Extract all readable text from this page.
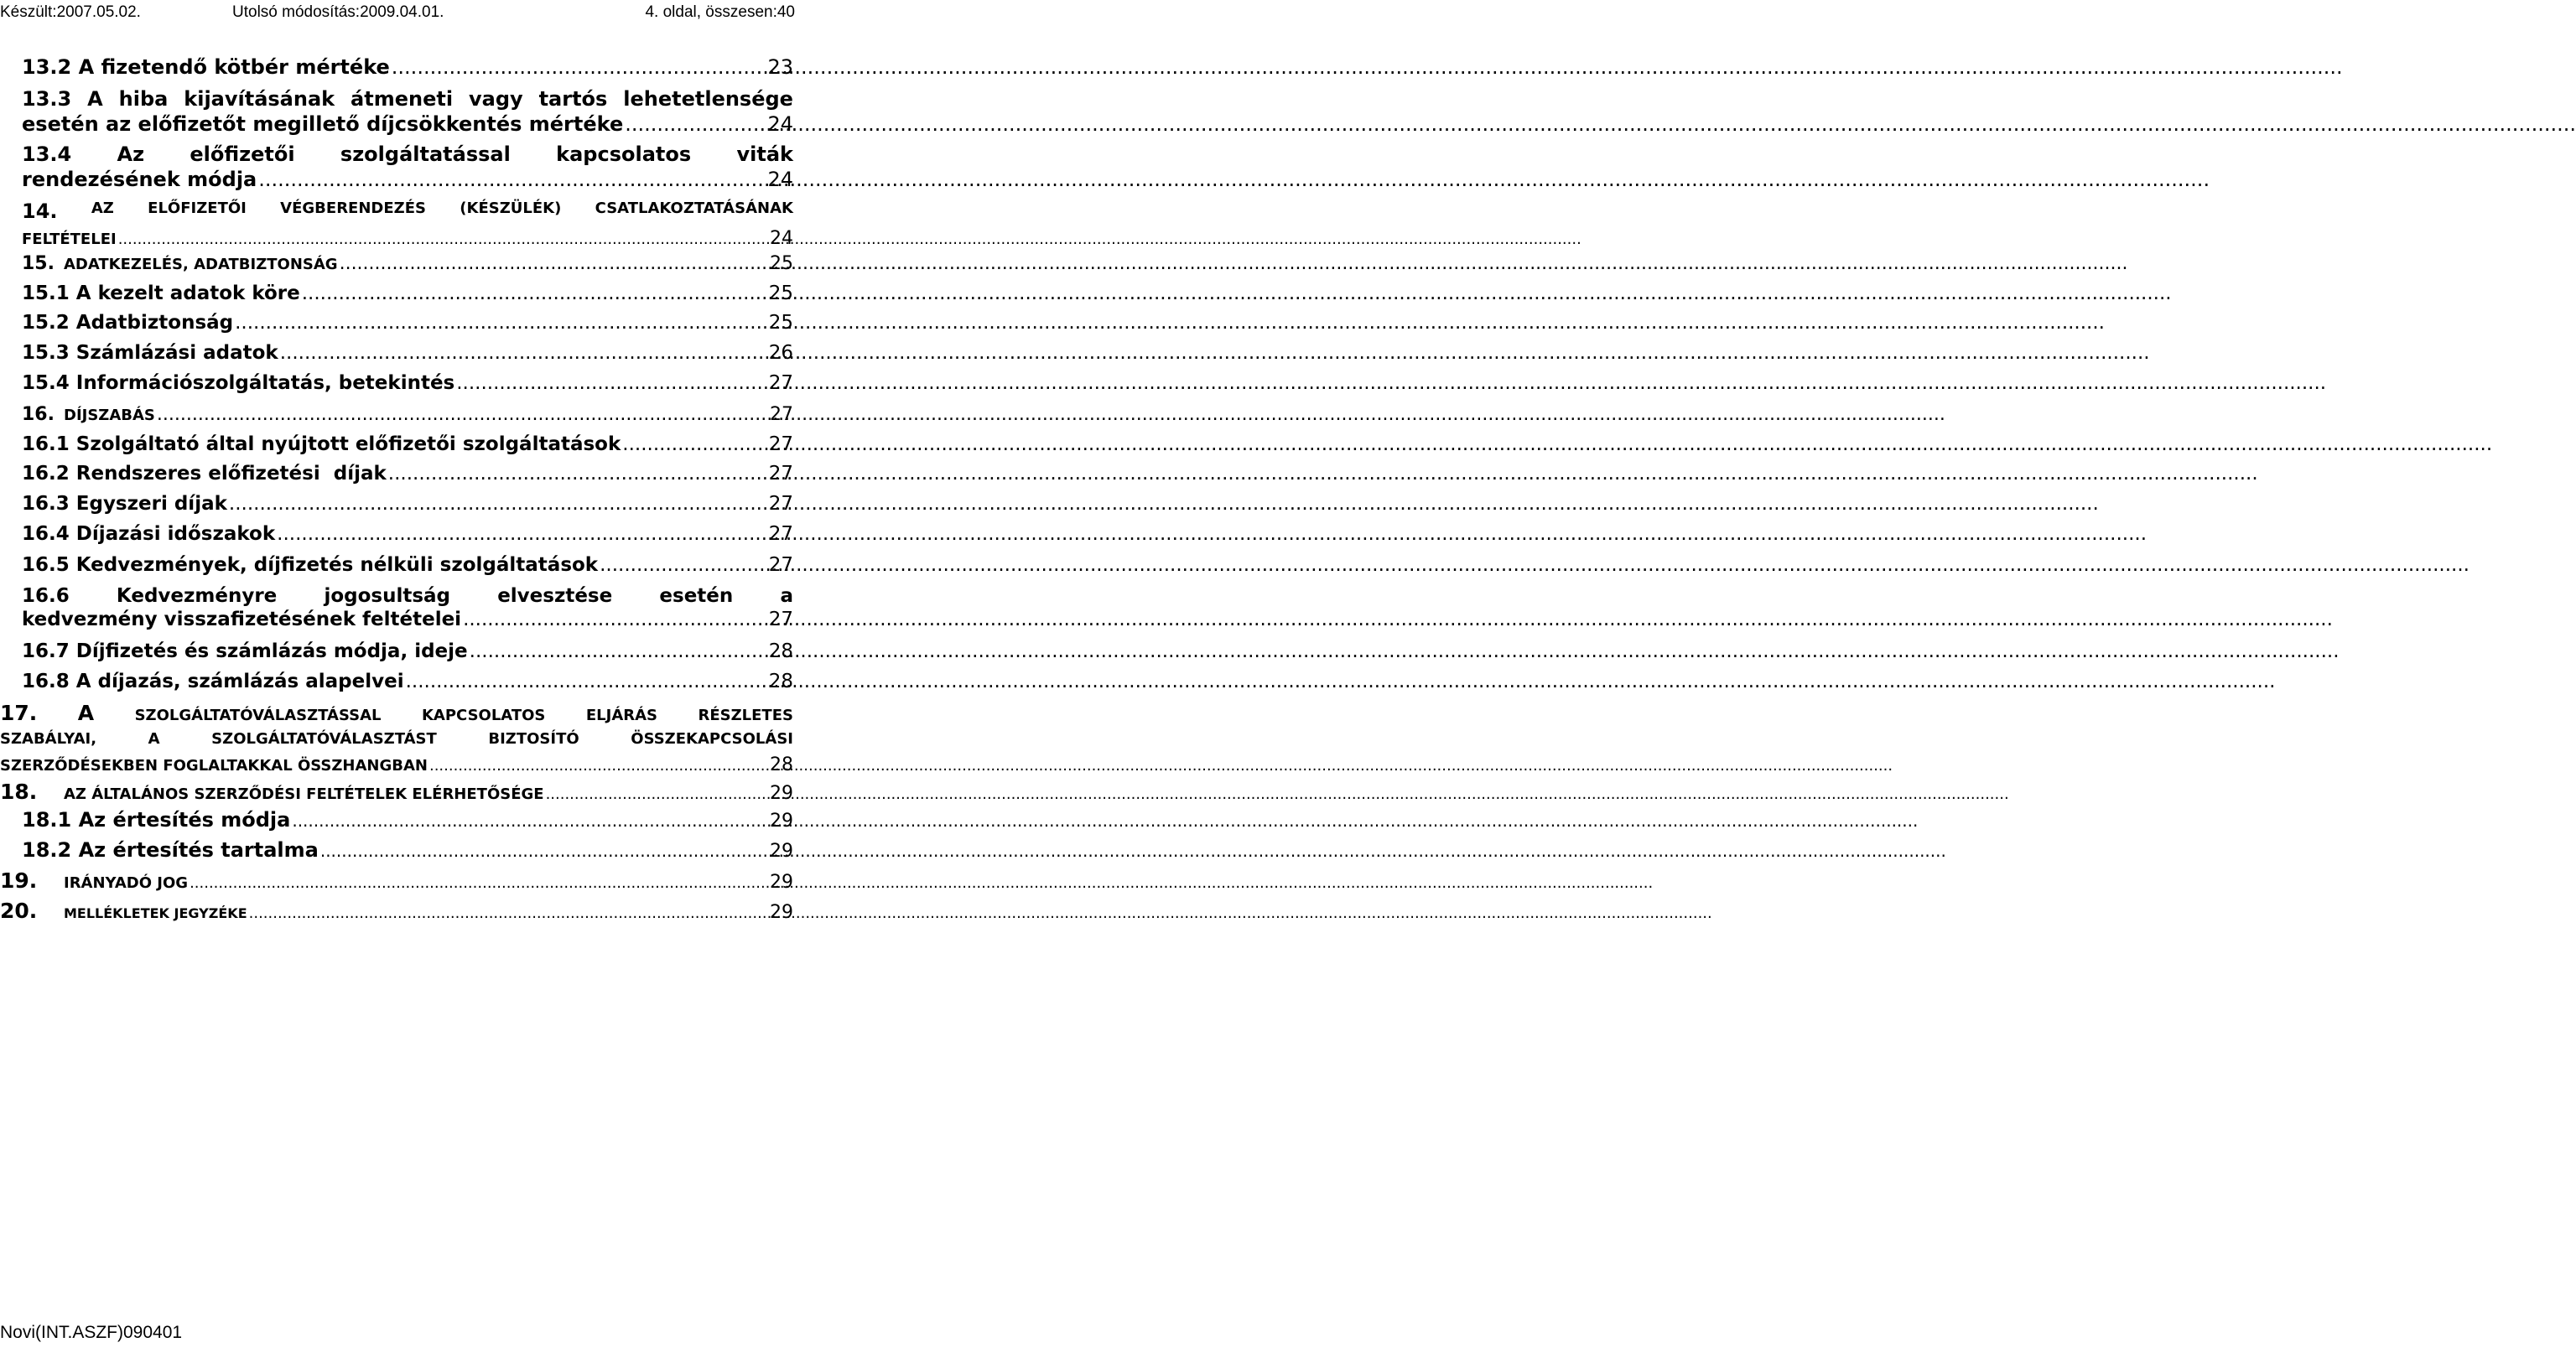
Készült:2007.05.02.	Utolsó módosítás:2009.04.01.	4. oldal, összesen:40
13.2
A fizetendő kötbér mértéke .....	23
13.3 A hiba kijavításának átmeneti vagy tartós lehetetlensége
esetén az előfizetőt megillető díjcsökkentés mértéke .....	24
13.4 Az előfizetői szolgáltatással kapcsolatos viták
rendezésének módja .....	24
14. AZ ELŐFIZETŐI VÉGBERENDEZÉS (KÉSZÜLÉK) CSATLAKOZTATÁSÁNAK
FELTÉTELEI .....	24
15. ADATKEZELÉS, ADATBIZTONSÁG .....	25
15.1
A kezelt adatok köre .....	25
15.2
Adatbiztonság .....	25
15.3
Számlázási adatok .....	26
15.4
Információszolgáltatás, betekintés .....	27
16. DÍJSZABÁS .....	27
16.1
Szolgáltató által nyújtott előfizetői szolgáltatások .....	27
16.2
Rendszeres előfizetési  díjak .....	27
16.3
Egyszeri díjak .....	27
16.4
Díjazási időszakok .....	27
16.5
Kedvezmények, díjfizetés nélküli szolgáltatások .....	27
16.6 Kedvezményre jogosultság elvesztése esetén a
kedvezmény visszafizetésének feltételei .....	27
16.7
Díjfizetés és számlázás módja, ideje .....	28
16.8
A díjazás, számlázás alapelvei .....	28
17. A	SZOLGÁLTATÓVÁLASZTÁSSAL	KAPCSOLATOS	ELJÁRÁS	RÉSZLETES
SZABÁLYAI,	A	SZOLGÁLTATÓVÁLASZTÁST	BIZTOSÍTÓ	ÖSSZEKAPCSOLÁSI
SZERZŐDÉSEKBEN FOGLALTAKKAL ÖSSZHANGBAN .....	28
18.	AZ ÁLTALÁNOS SZERZŐDÉSI FELTÉTELEK ELÉRHETŐSÉGE .....	29
18.1
Az értesítés módja .....	29
18.2
Az értesítés tartalma .....	29
19.	IRÁNYADÓ JOG .....	29
20.	MELLÉKLETEK JEGYZÉKE .....	29
Novi(INT.ASZF)090401
